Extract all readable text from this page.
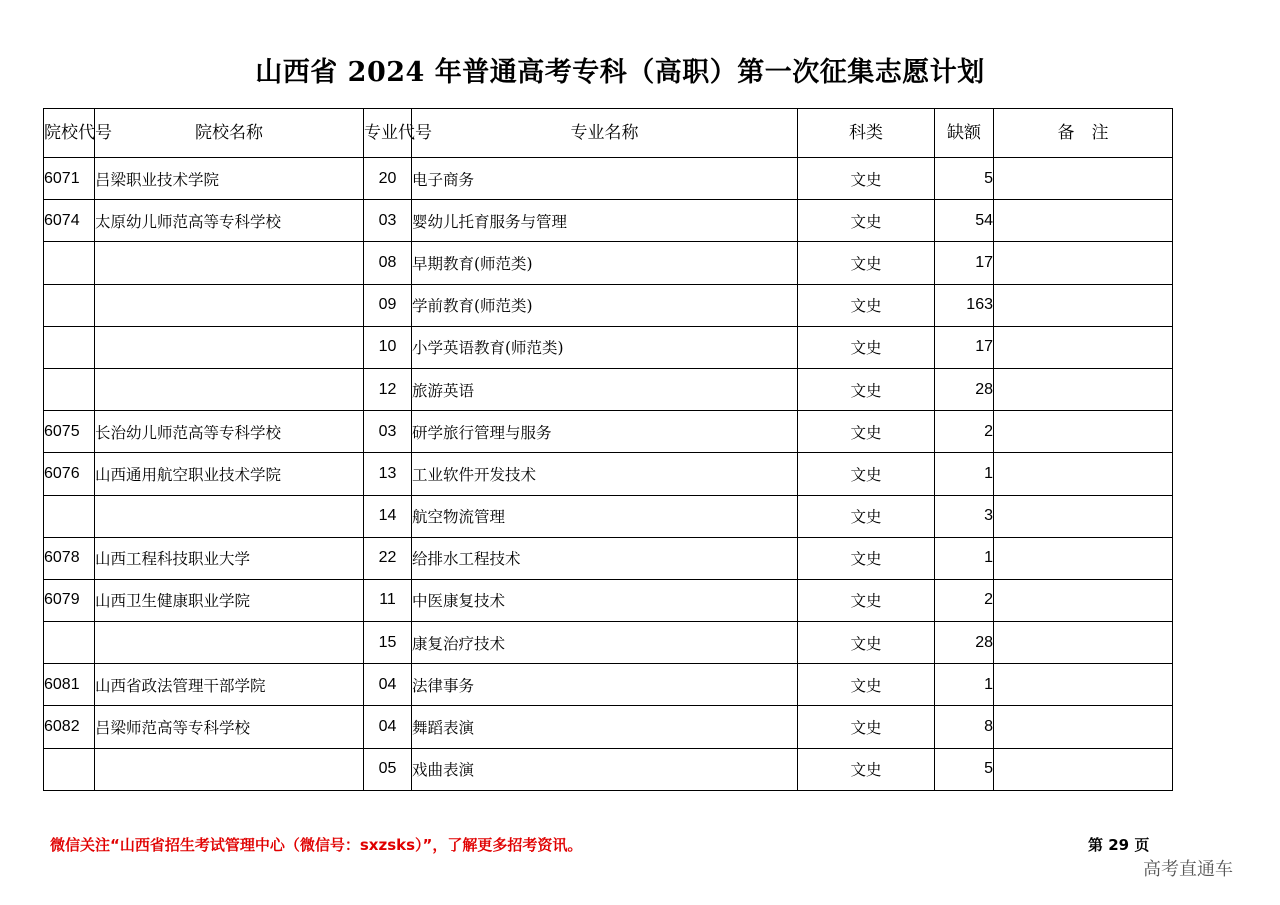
山西省 2024 年普通高考专科（高职）第一次征集志愿计划
院校代号	院校名称	专业代号	专业名称	科类	缺额	备　注
6071	吕梁职业技术学院	20	电子商务	文史	5	
6074	太原幼儿师范高等专科学校	03	婴幼儿托育服务与管理	文史	54	
		08	早期教育(师范类)	文史	17	
		09	学前教育(师范类)	文史	163	
		10	小学英语教育(师范类)	文史	17	
		12	旅游英语	文史	28	
6075	长治幼儿师范高等专科学校	03	研学旅行管理与服务	文史	2	
6076	山西通用航空职业技术学院	13	工业软件开发技术	文史	1	
		14	航空物流管理	文史	3	
6078	山西工程科技职业大学	22	给排水工程技术	文史	1	
6079	山西卫生健康职业学院	11	中医康复技术	文史	2	
		15	康复治疗技术	文史	28	
6081	山西省政法管理干部学院	04	法律事务	文史	1	
6082	吕梁师范高等专科学校	04	舞蹈表演	文史	8	
		05	戏曲表演	文史	5	
微信关注“山西省招生考试管理中心（微信号：sxzsks）”，了解更多招考资讯。	第 29 页
高考直通车
